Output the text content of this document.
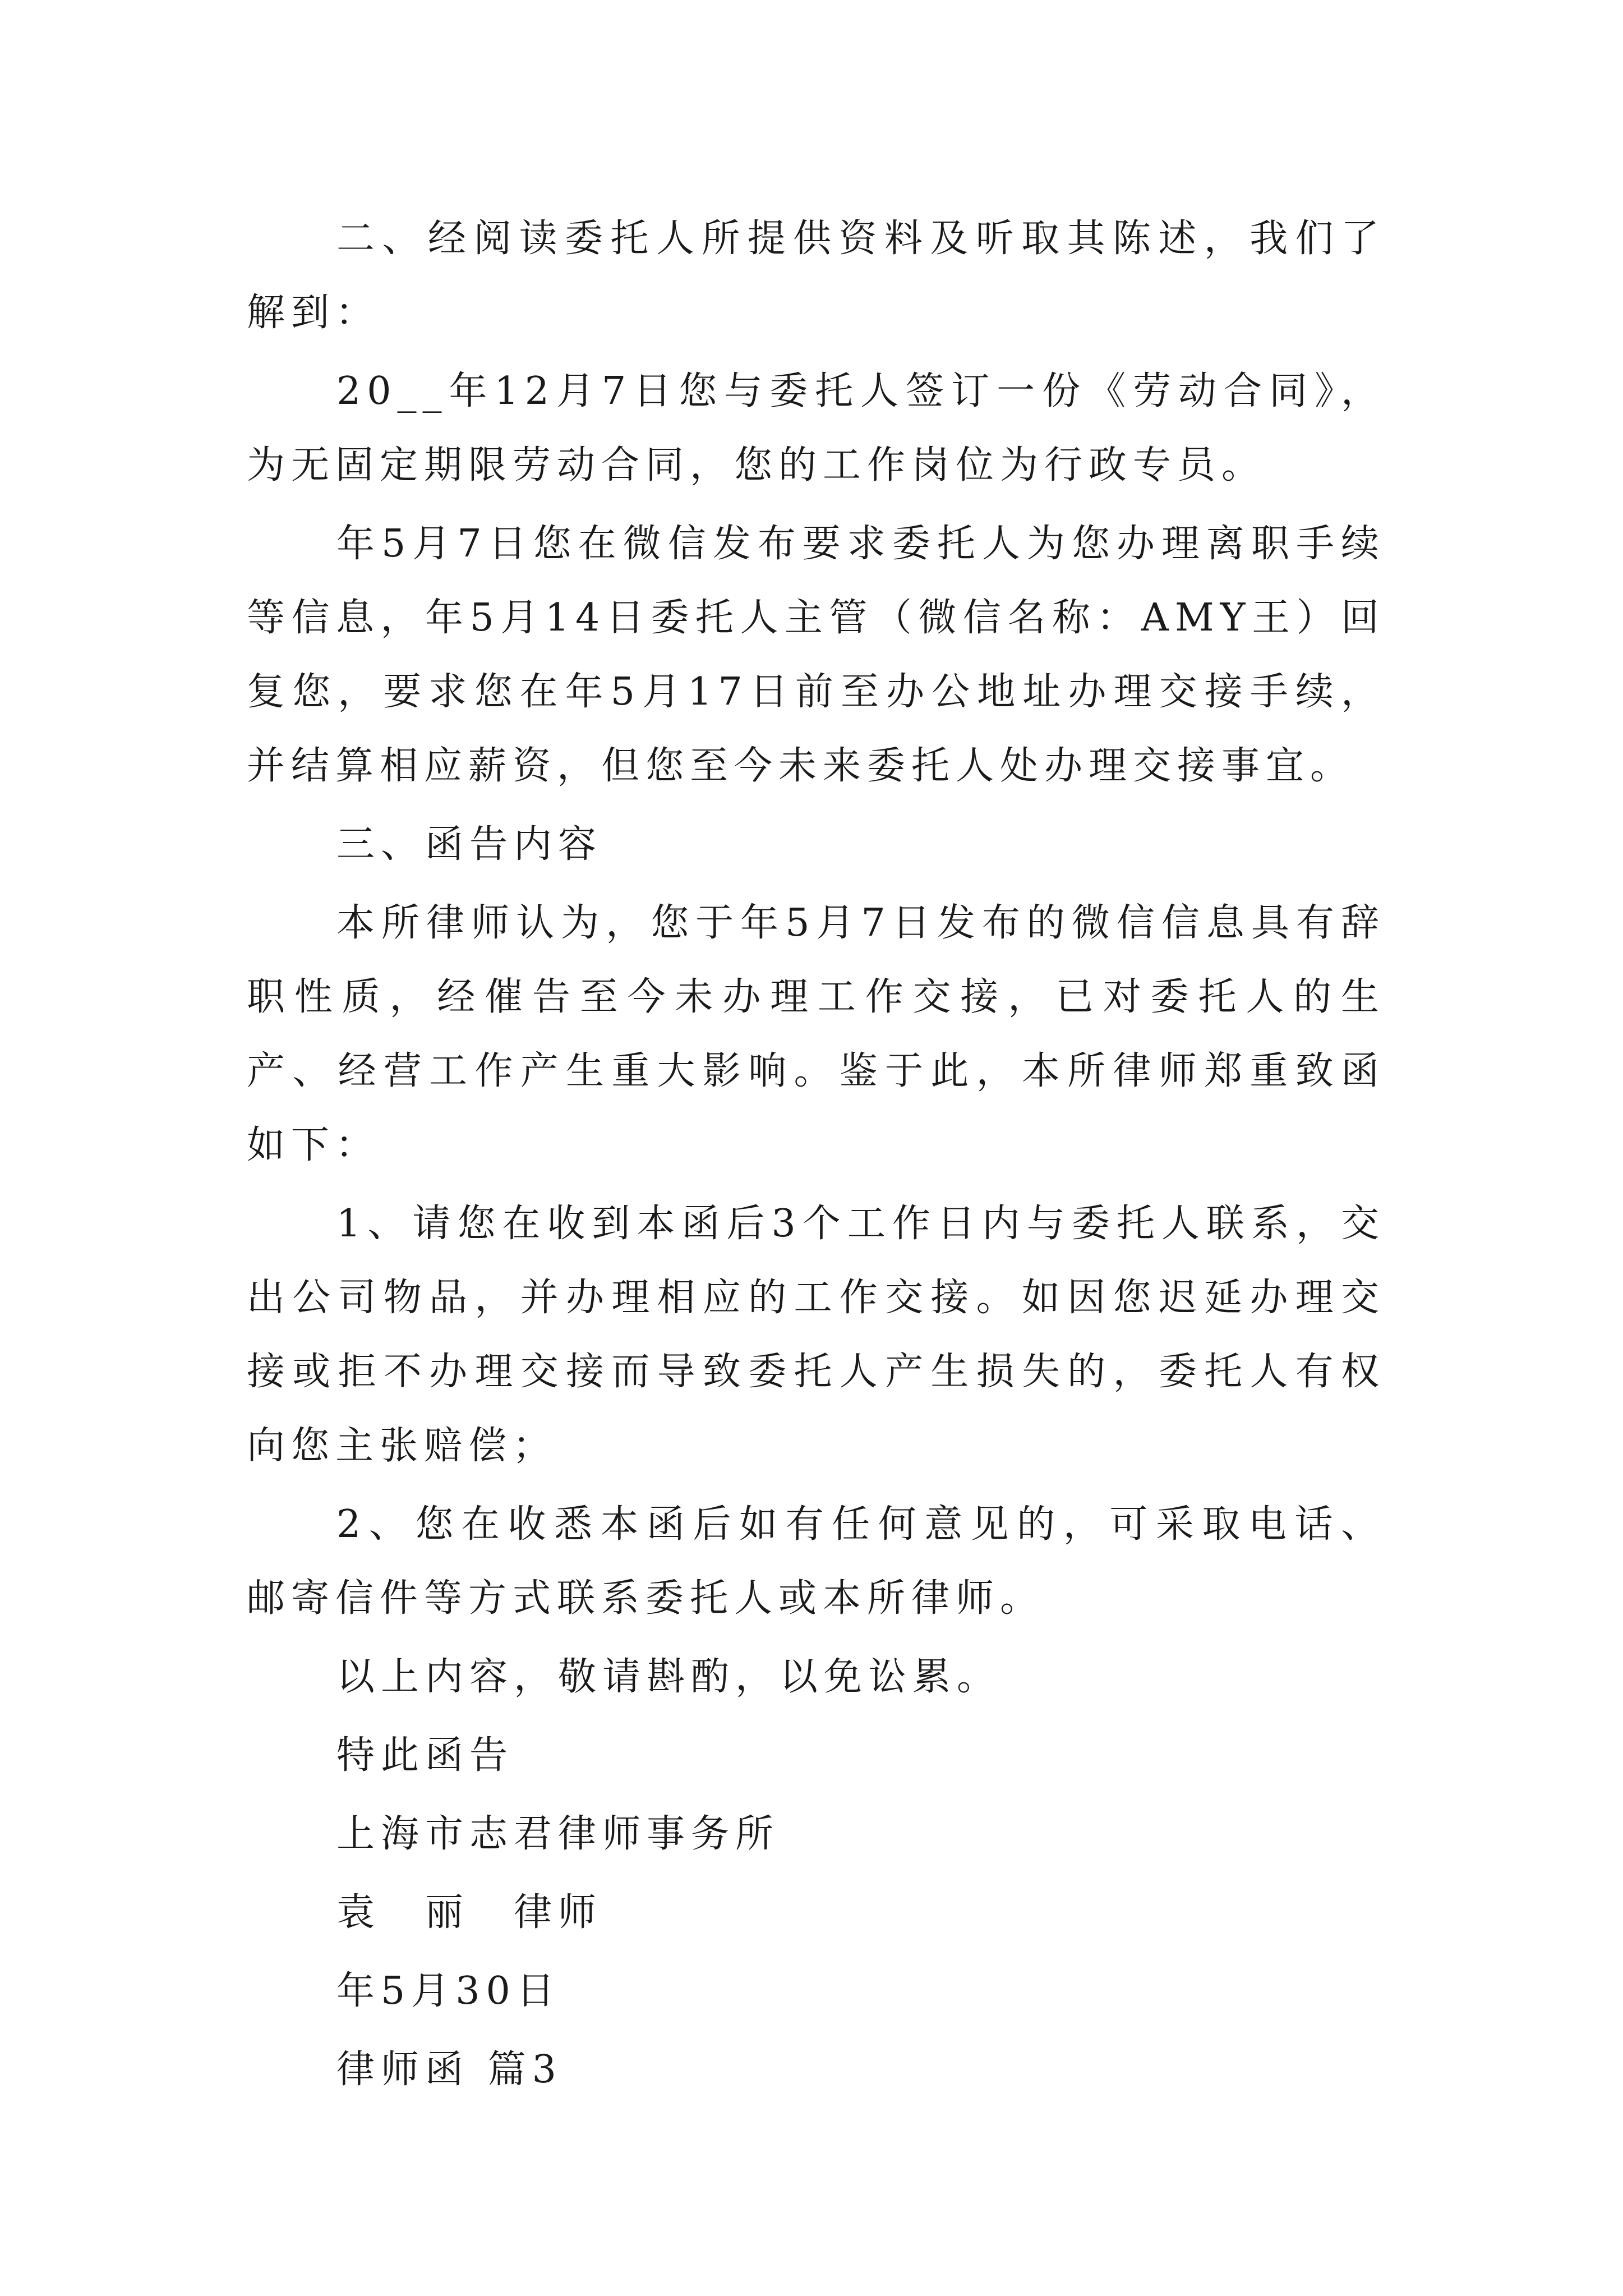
二、经阅读委托人所提供资料及听取其陈述，我们了解到：

20__年12月7日您与委托人签订一份《劳动合同》，为无固定期限劳动合同，您的工作岗位为行政专员。

年5月7日您在微信发布要求委托人为您办理离职手续等信息，年5月14日委托人主管（微信名称：AMY王）回复您，要求您在年5月17日前至办公地址办理交接手续，并结算相应薪资，但您至今未来委托人处办理交接事宜。

三、函告内容

本所律师认为，您于年5月7日发布的微信信息具有辞职性质，经催告至今未办理工作交接，已对委托人的生产、经营工作产生重大影响。鉴于此，本所律师郑重致函如下：

1、请您在收到本函后3个工作日内与委托人联系，交出公司物品，并办理相应的工作交接。如因您迟延办理交接或拒不办理交接而导致委托人产生损失的，委托人有权向您主张赔偿；

2、您在收悉本函后如有任何意见的，可采取电话、邮寄信件等方式联系委托人或本所律师。

以上内容，敬请斟酌，以免讼累。

特此函告

上海市志君律师事务所

袁　丽　律师

年5月30日

律师函 篇3
